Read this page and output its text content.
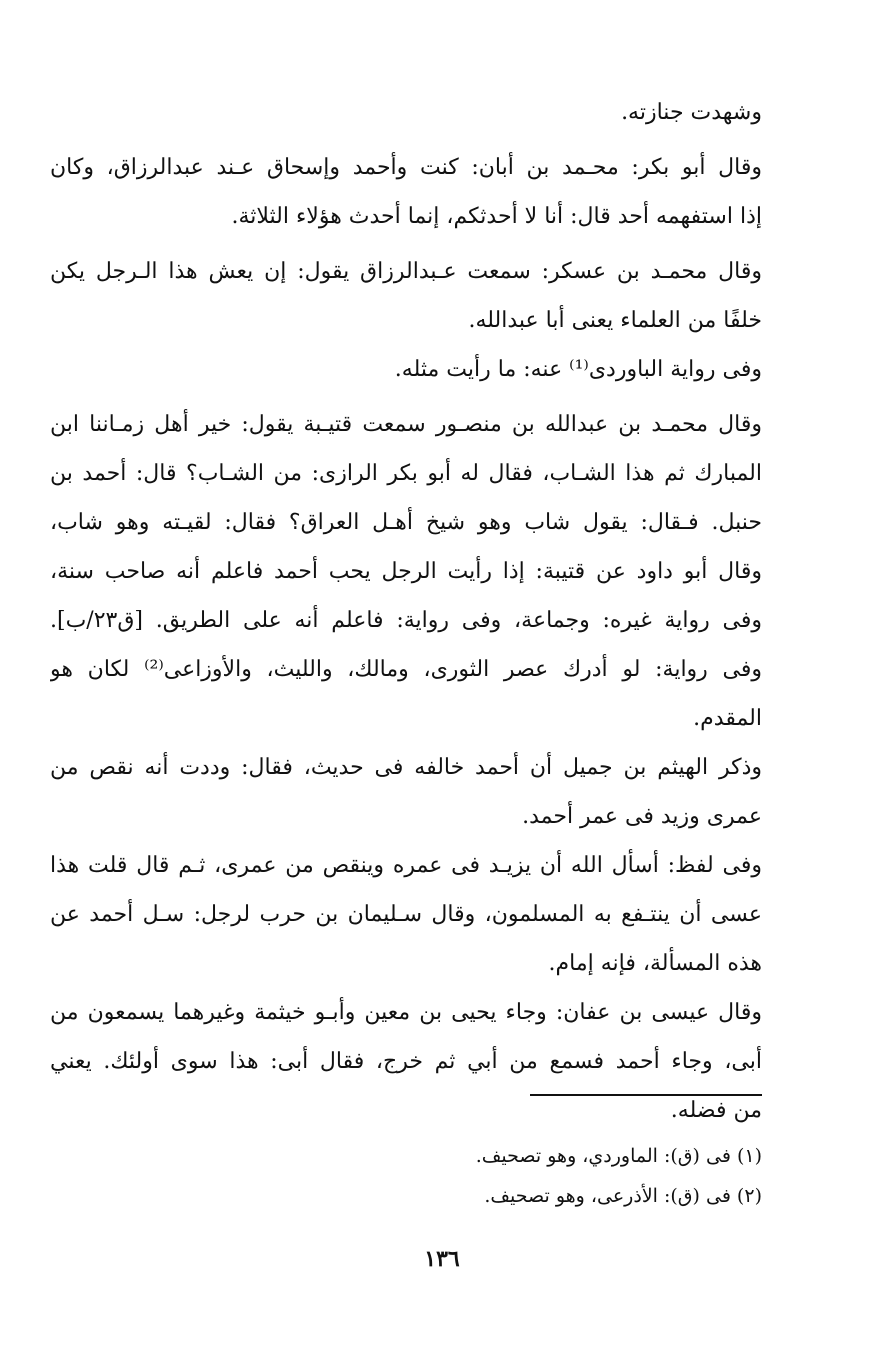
وشهدت جنازته.
وقال أبو بكر: محـمد بن أبان: كنت وأحمد وإسحاق عـند عبدالرزاق، وكان
إذا استفهمه أحد قال: أنا لا أحدثكم، إنما أحدث هؤلاء الثلاثة.
وقال محمـد بن عسكر: سمعت عـبدالرزاق يقول: إن يعش هذا الـرجل يكن
خلفًا من العلماء يعنى أبا عبدالله.
وفى رواية الباوردى⁽¹⁾ عنه: ما رأيت مثله.
وقال محمـد بن عبدالله بن منصـور سمعت قتيـبة يقول: خير أهل زمـاننا ابن
المبارك ثم هذا الشـاب، فقال له أبو بكر الرازى: من الشـاب؟ قال: أحمد بن
حنبل. فـقال: يقول شاب وهو شيخ أهـل العراق؟ فقال: لقيـته وهو شاب،
وقال أبو داود عن قتيبة: إذا رأيت الرجل يحب أحمد فاعلم أنه صاحب سنة،
وفى رواية غيره: وجماعة، وفى رواية: فاعلم أنه على الطريق. [ق٢٣/ب].
وفى رواية: لو أدرك عصر الثورى، ومالك، والليث، والأوزاعى⁽²⁾ لكان هو
المقدم.
وذكر الهيثم بن جميل أن أحمد خالفه فى حديث، فقال: وددت أنه نقص من
عمرى وزيد فى عمر أحمد.
وفى لفظ: أسأل الله أن يزيـد فى عمره وينقص من عمرى، ثـم قال قلت هذا
عسى أن ينتـفع به المسلمون، وقال سـليمان بن حرب لرجل: سـل أحمد عن
هذه المسألة، فإنه إمام.
وقال عيسى بن عفان: وجاء يحيى بن معين وأبـو خيثمة وغيرهما يسمعون من
أبى، وجاء أحمد فسمع من أبي ثم خرج، فقال أبى: هذا سوى أولئك. يعني
من فضله.
(١) فى (ق): الماوردي، وهو تصحيف.
(٢) فى (ق): الأذرعى، وهو تصحيف.
١٣٦
